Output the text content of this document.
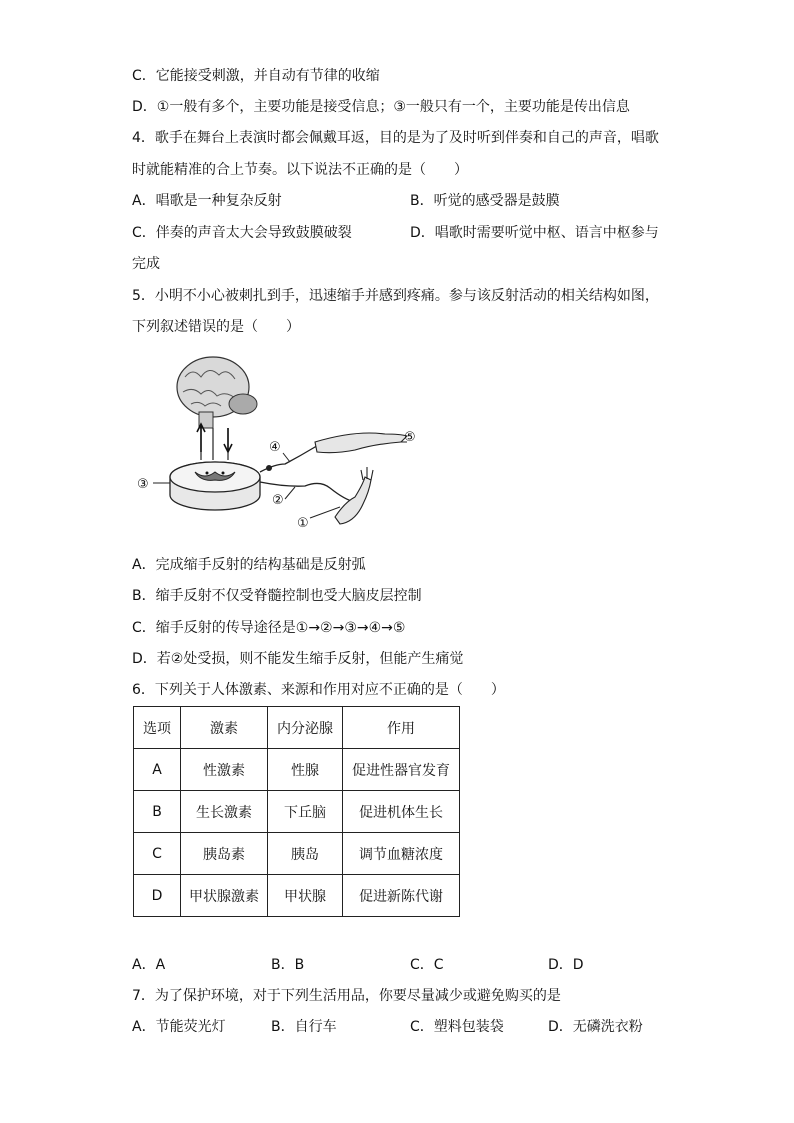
C．它能接受刺激，并自动有节律的收缩
D．①一般有多个，主要功能是接受信息；③一般只有一个，主要功能是传出信息
4．歌手在舞台上表演时都会佩戴耳返，目的是为了及时听到伴奏和自己的声音，唱歌
时就能精准的合上节奏。以下说法不正确的是（　　）
A．唱歌是一种复杂反射	B．听觉的感受器是鼓膜
C．伴奏的声音太大会导致鼓膜破裂	D．唱歌时需要听觉中枢、语言中枢参与
完成
5．小明不小心被刺扎到手，迅速缩手并感到疼痛。参与该反射活动的相关结构如图，
下列叙述错误的是（　　）
③
④
②
①
⑤
A．完成缩手反射的结构基础是反射弧
B．缩手反射不仅受脊髓控制也受大脑皮层控制
C．缩手反射的传导途径是①→②→③→④→⑤
D．若②处受损，则不能发生缩手反射，但能产生痛觉
6．下列关于人体激素、来源和作用对应不正确的是（　　）
选项	激素	内分泌腺	作用
A	性激素	性腺	促进性器官发育
B	生长激素	下丘脑	促进机体生长
C	胰岛素	胰岛	调节血糖浓度
D	甲状腺激素	甲状腺	促进新陈代谢
A．A	B．B	C．C	D．D
7．为了保护环境，对于下列生活用品，你要尽量减少或避免购买的是
A．节能荧光灯	B．自行车	C．塑料包装袋	D．无磷洗衣粉
